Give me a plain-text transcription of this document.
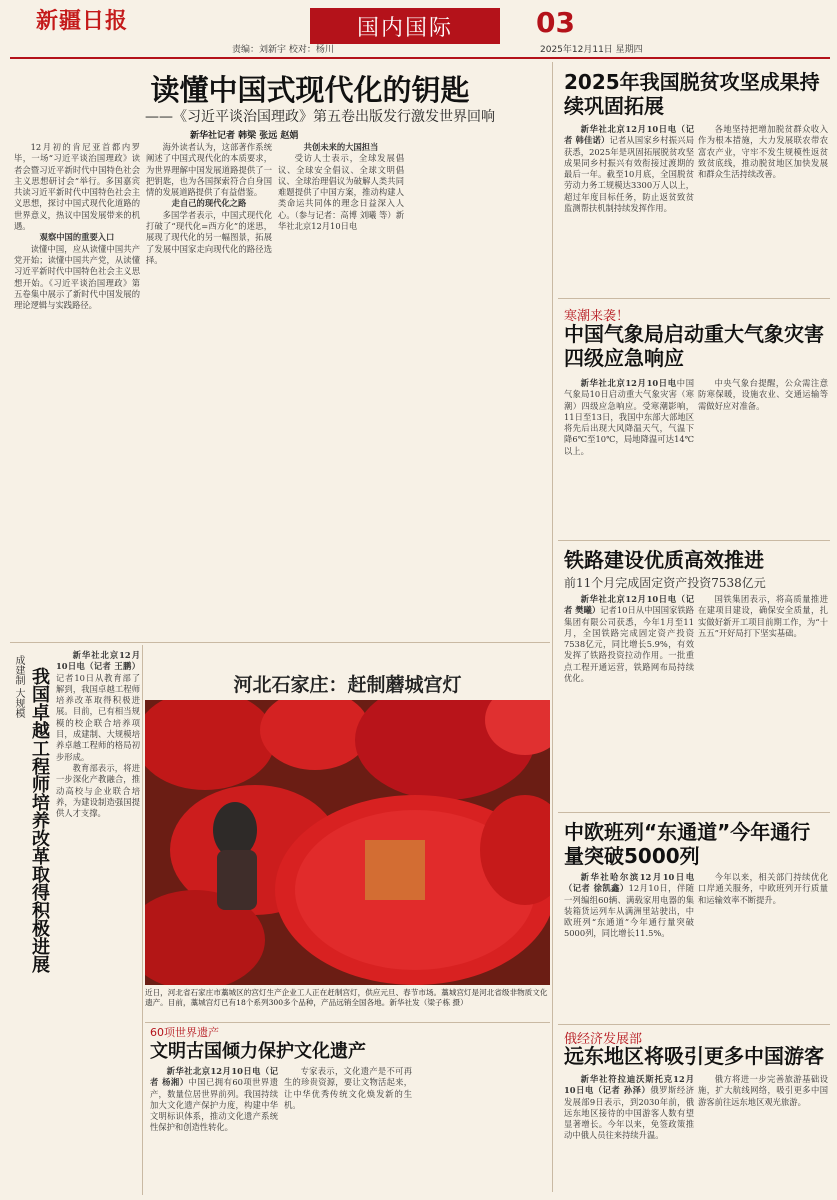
新疆日报
责编：刘新宇 校对：杨川
国内国际	03
2025年12月11日 星期四
读懂中国式现代化的钥匙
——《习近平谈治国理政》第五卷出版发行激发世界回响
新华社记者 韩梁 张远 赵娟

12月初的肯尼亚首都内罗毕，一场“习近平谈治国理政》读者会暨习近平新时代中国特色社会主义思想研讨会”举行。多国嘉宾共读习近平新时代中国特色社会主义思想，探讨中国式现代化道路的世界意义，热议中国发展带来的机遇。

观察中国的重要入口

读懂中国，应从读懂中国共产党开始；读懂中国共产党，从读懂习近平新时代中国特色社会主义思想开始。《习近平谈治国理政》第五卷集中展示了新时代中国发展的理论逻辑与实践路径。

海外读者认为，这部著作系统阐述了中国式现代化的本质要求，为世界理解中国发展道路提供了一把钥匙，也为各国探索符合自身国情的发展道路提供了有益借鉴。

走自己的现代化之路

多国学者表示，中国式现代化打破了“现代化=西方化”的迷思，展现了现代化的另一幅图景，拓展了发展中国家走向现代化的路径选择。

共创未来的大国担当

受访人士表示，全球发展倡议、全球安全倡议、全球文明倡议、全球治理倡议为破解人类共同难题提供了中国方案，推动构建人类命运共同体的理念日益深入人心。（参与记者：高博 刘曦 等）新华社北京12月10日电

2025年我国脱贫攻坚成果持续巩固拓展

新华社北京12月10日电（记者 韩佳诺）记者从国家乡村振兴局获悉，2025年是巩固拓展脱贫攻坚成果同乡村振兴有效衔接过渡期的最后一年。截至10月底，全国脱贫劳动力务工规模达3300万人以上，超过年度目标任务，防止返贫致贫监测帮扶机制持续发挥作用。

各地坚持把增加脱贫群众收入作为根本措施，大力发展联农带农富农产业，守牢不发生规模性返贫致贫底线，推动脱贫地区加快发展和群众生活持续改善。

寒潮来袭！
中国气象局启动重大气象灾害四级应急响应

新华社北京12月10日电中国气象局10日启动重大气象灾害（寒潮）四级应急响应。受寒潮影响，11日至13日，我国中东部大部地区将先后出现大风降温天气，气温下降6℃至10℃，局地降温可达14℃以上。

中央气象台提醒，公众需注意防寒保暖，设施农业、交通运输等需做好应对准备。

铁路建设优质高效推进
前11个月完成固定资产投资7538亿元

新华社北京12月10日电（记者 樊曦）记者10日从中国国家铁路集团有限公司获悉，今年1月至11月，全国铁路完成固定资产投资7538亿元，同比增长5.9%，有效发挥了铁路投资拉动作用。一批重点工程开通运营，铁路网布局持续优化。

国铁集团表示，将高质量推进在建项目建设，确保安全质量，扎实做好新开工项目前期工作，为“十五五”开好局打下坚实基础。

中欧班列“东通道”今年通行量突破5000列

新华社哈尔滨12月10日电（记者 徐凯鑫）12月10日，伴随一列编组60辆、满载家用电器的集装箱货运列车从满洲里站驶出，中欧班列“东通道”今年通行量突破5000列，同比增长11.5%。

今年以来，相关部门持续优化口岸通关服务，中欧班列开行质量和运输效率不断提升。

俄经济发展部
远东地区将吸引更多中国游客

新华社符拉迪沃斯托克12月10日电（记者 孙泽）俄罗斯经济发展部9日表示，到2030年前，俄远东地区接待的中国游客人数有望显著增长。今年以来，免签政策推动中俄人员往来持续升温。

俄方将进一步完善旅游基础设施，扩大航线网络，吸引更多中国游客前往远东地区观光旅游。

我国卓越工程师培养改革取得积极进展
成建制 大规模	新华社北京12月10日电（记者 王鹏）记者10日从教育部了解到，我国卓越工程师培养改革取得积极进展。目前，已有相当规模的校企联合培养项目，成建制、大规模培养卓越工程师的格局初步形成。

教育部表示，将进一步深化产教融合，推动高校与企业联合培养，为建设制造强国提供人才支撑。

河北石家庄：赶制蘑城宫灯
近日，河北省石家庄市藁城区的宫灯生产企业工人正在赶制宫灯，供应元旦、春节市场。藁城宫灯是河北省级非物质文化遗产。目前，藁城宫灯已有18个系列300多个品种，产品远销全国各地。新华社发（梁子栋 摄）
60项世界遗产
文明古国倾力保护文化遗产

新华社北京12月10日电（记者 杨湘）中国已拥有60项世界遗产，数量位居世界前列。我国持续加大文化遗产保护力度，构建中华文明标识体系，推动文化遗产系统性保护和创造性转化。

专家表示，文化遗产是不可再生的珍贵资源，要让文物活起来，让中华优秀传统文化焕发新的生机。
